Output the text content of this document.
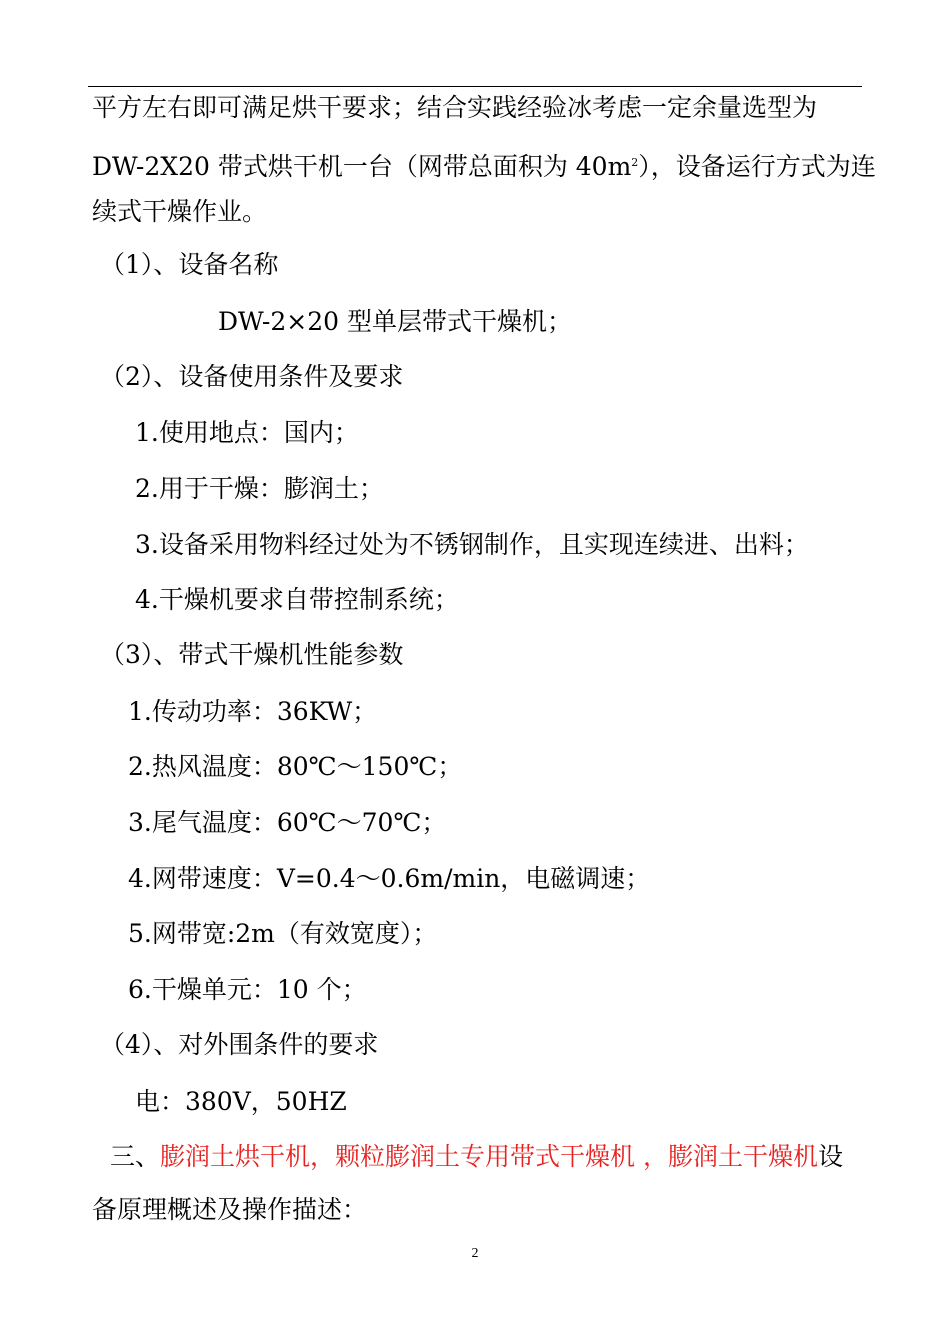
平方左右即可满足烘干要求；结合实践经验冰考虑一定余量选型为
DW-2X20 带式烘干机一台（网带总面积为 $40m^2$），设备运行方式为连
续式干燥作业。
（1）、设备名称
DW-2×20 型单层带式干燥机；
（2）、设备使用条件及要求
1.使用地点：国内；
2.用于干燥：膨润土；
3.设备采用物料经过处为不锈钢制作，且实现连续进、出料；
4.干燥机要求自带控制系统；
（3）、带式干燥机性能参数
1.传动功率：36KW；
2.热风温度：80℃～150℃；
3.尾气温度：60℃～70℃；
4.网带速度：V=0.4～0.6m/min，电磁调速；
5.网带宽:2m（有效宽度）；
6.干燥单元：10 个；
（4）、对外围条件的要求
电：380V，50HZ
三、膨润土烘干机，颗粒膨润土专用带式干燥机 ，膨润土干燥机设
备原理概述及操作描述：
2
